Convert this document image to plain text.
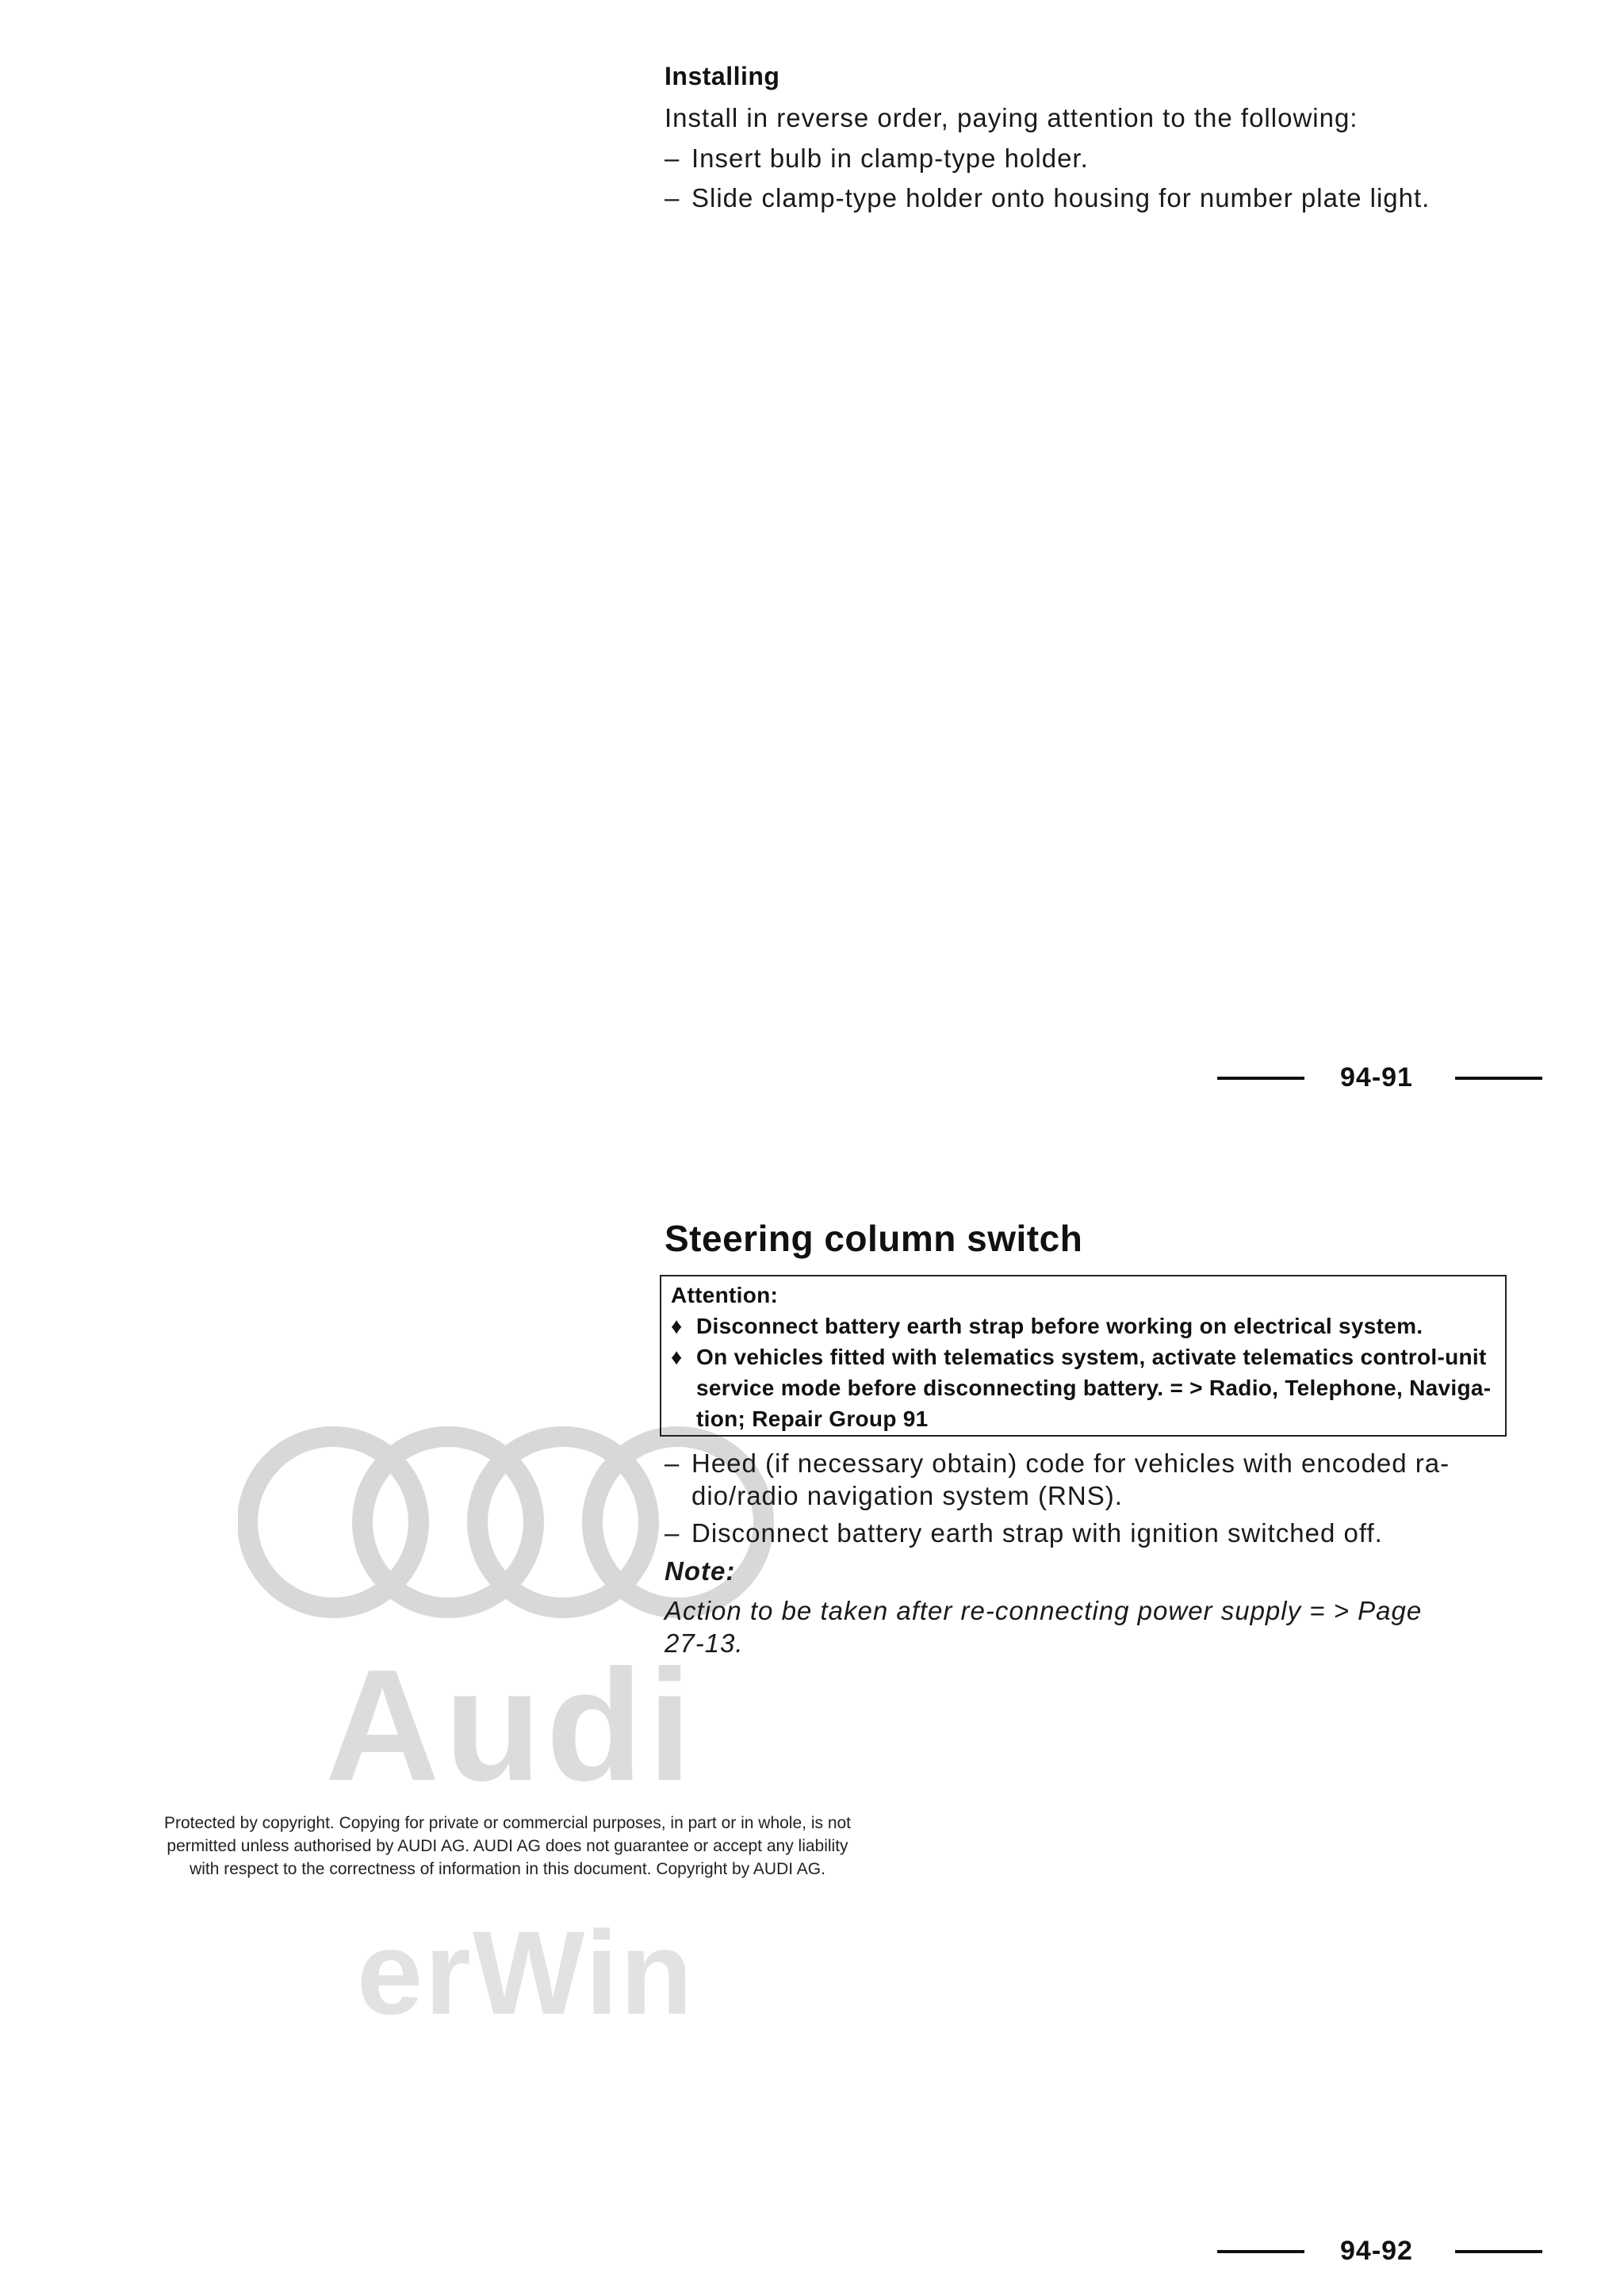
Audi
erWin
Installing
Install in reverse order, paying attention to the following:
– Insert bulb in clamp-type holder.
– Slide clamp-type holder onto housing for number plate light.
94-91
Steering column switch
Attention:
♦ Disconnect battery earth strap before working on electrical system.
♦ On vehicles fitted with telematics system, activate telematics control-unit
service mode before disconnecting battery. = > Radio, Telephone, Naviga-
tion; Repair Group 91
– Heed (if necessary obtain) code for vehicles with encoded ra-
dio/radio navigation system (RNS).
– Disconnect battery earth strap with ignition switched off.
Note:
Action to be taken after re-connecting power supply = > Page
27-13.
Protected by copyright. Copying for private or commercial purposes, in part or in whole, is not
permitted unless authorised by AUDI AG. AUDI AG does not guarantee or accept any liability
with respect to the correctness of information in this document. Copyright by AUDI AG.
94-92
